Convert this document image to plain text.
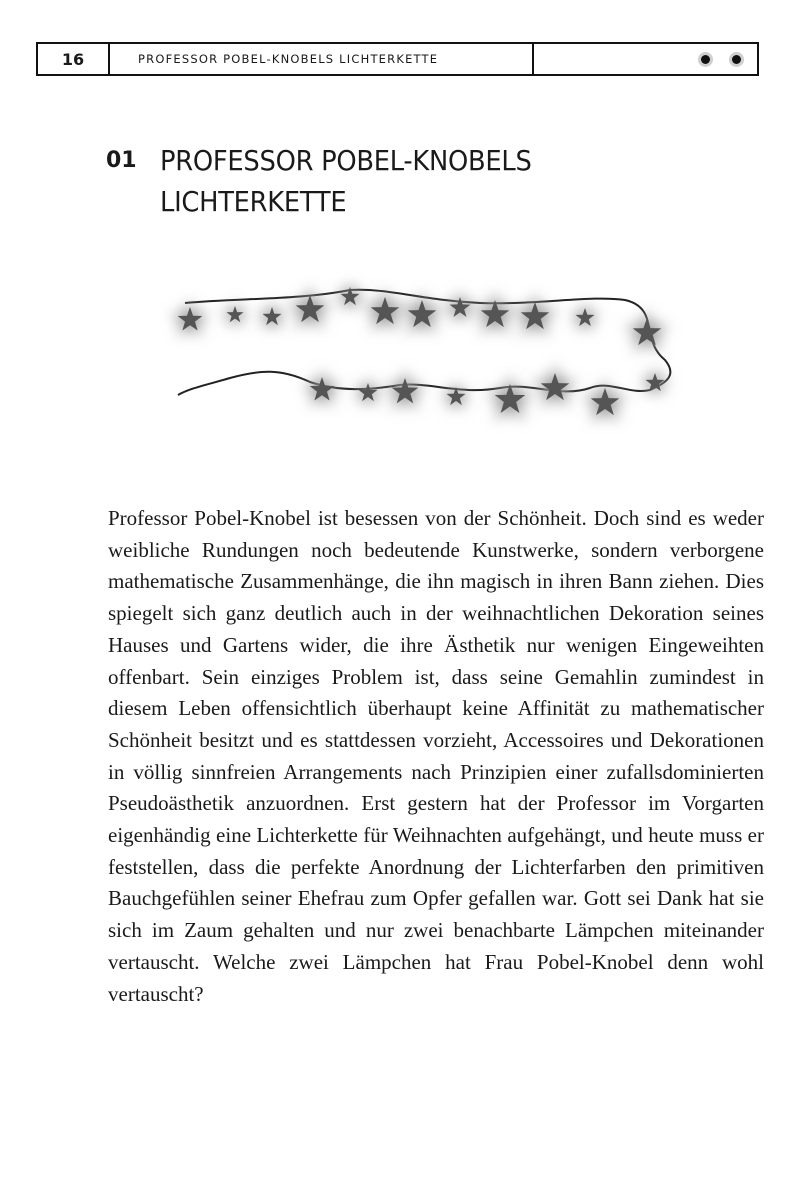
16	PROFESSOR POBEL-KNOBELS LICHTERKETTE
01 PROFESSOR POBEL-KNOBELS
LICHTERKETTE
Professor Pobel-Knobel ist besessen von der Schönheit. Doch sind es weder weibliche Rundungen noch bedeutende Kunstwerke, sondern verborgene mathematische Zusammenhänge, die ihn magisch in ihren Bann ziehen. Dies spiegelt sich ganz deutlich auch in der weihnachtlichen Dekoration seines Hauses und Gartens wider, die ihre Ästhetik nur wenigen Eingeweihten offenbart. Sein einziges Problem ist, dass seine Gemahlin zumindest in diesem Leben offensichtlich überhaupt keine Affinität zu mathematischer Schönheit besitzt und es stattdessen vorzieht, Accessoires und Dekorationen in völlig sinnfreien Arrangements nach Prinzipien einer zufallsdominierten Pseudoästhetik anzuordnen. Erst gestern hat der Professor im Vorgarten eigenhändig eine Lichterkette für Weihnachten aufgehängt, und heute muss er feststellen, dass die perfekte Anordnung der Lichterfarben den primitiven Bauchgefühlen seiner Ehefrau zum Opfer gefallen war. Gott sei Dank hat sie sich im Zaum gehalten und nur zwei benachbarte Lämpchen miteinander vertauscht. Welche zwei Lämpchen hat Frau Pobel-Knobel denn wohl vertauscht?
